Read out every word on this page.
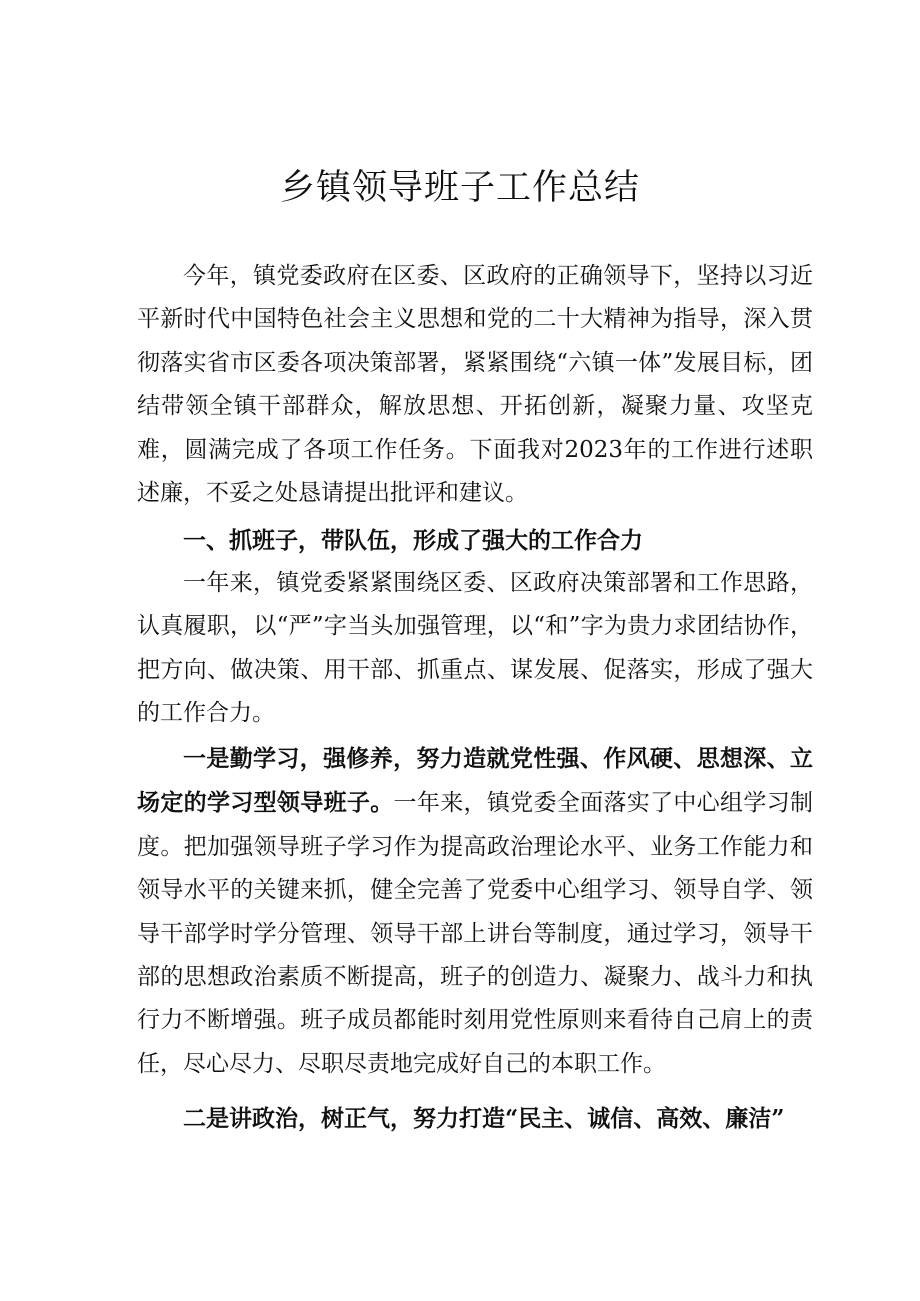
乡镇领导班子工作总结

今年，镇党委政府在区委、区政府的正确领导下，坚持以习近平新时代中国特色社会主义思想和党的二十大精神为指导，深入贯彻落实省市区委各项决策部署，紧紧围绕“六镇一体”发展目标，团结带领全镇干部群众，解放思想、开拓创新，凝聚力量、攻坚克难，圆满完成了各项工作任务。下面我对2023年的工作进行述职述廉，不妥之处恳请提出批评和建议。

一、抓班子，带队伍，形成了强大的工作合力

一年来，镇党委紧紧围绕区委、区政府决策部署和工作思路，认真履职，以“严”字当头加强管理，以“和”字为贵力求团结协作，把方向、做决策、用干部、抓重点、谋发展、促落实，形成了强大的工作合力。

一是勤学习，强修养，努力造就党性强、作风硬、思想深、立场定的学习型领导班子。一年来，镇党委全面落实了中心组学习制度。把加强领导班子学习作为提高政治理论水平、业务工作能力和领导水平的关键来抓，健全完善了党委中心组学习、领导自学、领导干部学时学分管理、领导干部上讲台等制度，通过学习，领导干部的思想政治素质不断提高，班子的创造力、凝聚力、战斗力和执行力不断增强。班子成员都能时刻用党性原则来看待自己肩上的责任，尽心尽力、尽职尽责地完成好自己的本职工作。

二是讲政治，树正气，努力打造“民主、诚信、高效、廉洁”
